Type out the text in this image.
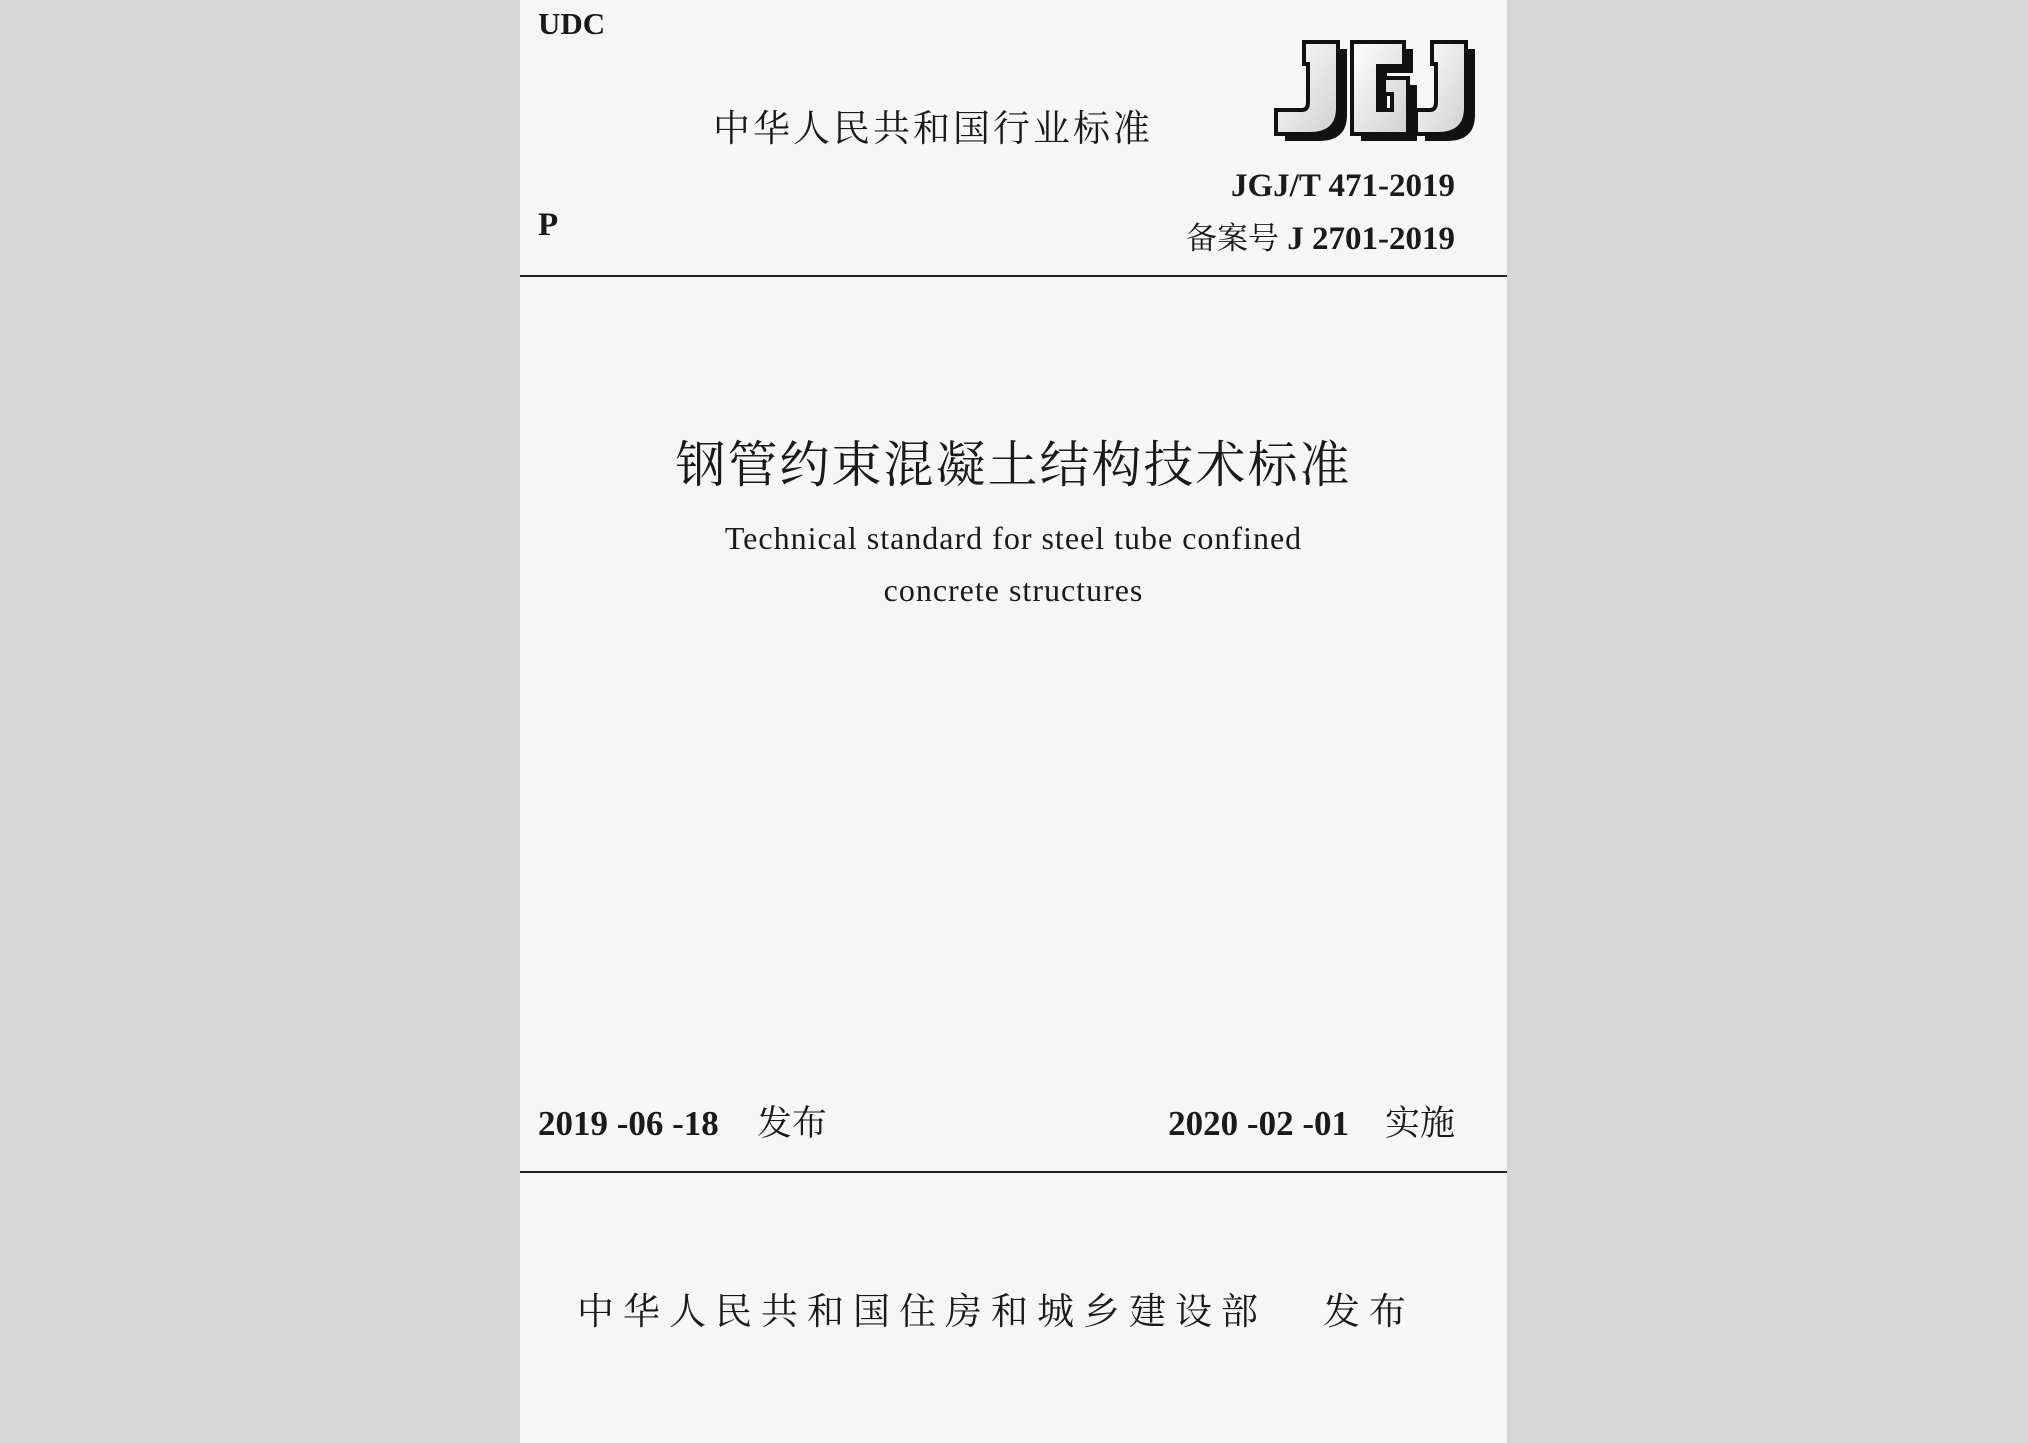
UDC
中华人民共和国行业标准
JGJ/T 471-2019
备案号 J 2701-2019
P
钢管约束混凝土结构技术标准
Technical standard for steel tube confined
concrete structures
2019 -06 -18 发布	2020 -02 -01 实施
中华人民共和国住房和城乡建设部 发布
